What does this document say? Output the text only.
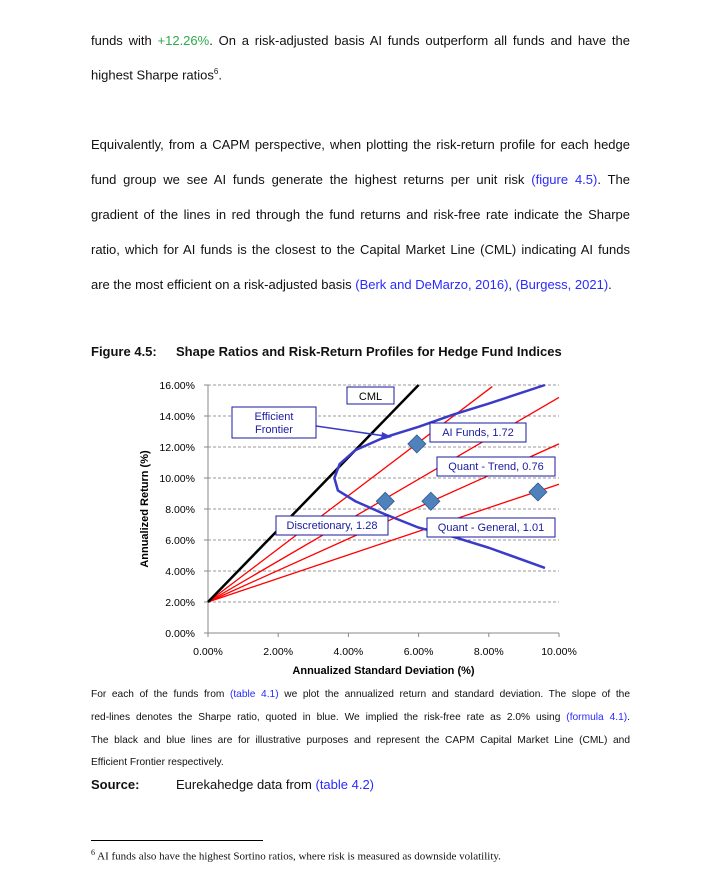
funds with +12.26%. On a risk-adjusted basis AI funds outperform all funds and have the
highest Sharpe ratios$^6$.
Equivalently, from a CAPM perspective, when plotting the risk-return profile for each hedge
fund group we see AI funds generate the highest returns per unit risk (figure 4.5). The
gradient of the lines in red through the fund returns and risk-free rate indicate the Sharpe
ratio, which for AI funds is the closest to the Capital Market Line (CML) indicating AI funds
are the most efficient on a risk-adjusted basis (Berk and DeMarzo, 2016), (Burgess, 2021).
Figure 4.5: Shape Ratios and Risk-Return Profiles for Hedge Fund Indices
0.00%
2.00%
4.00%
6.00%
8.00%
10.00%
12.00%
14.00%
16.00%
0.00%	2.00%	4.00%	6.00%	8.00%	10.00%
Annualized Standard Deviation (%)
Annualized Return (%)
CML
Efficient
Frontier	AI Funds, 1.72
Discretionary, 1.28	Quant - General, 1.01
Quant - Trend, 0.76
For each of the funds from (table 4.1) we plot the annualized return and standard deviation. The slope of the
red-lines denotes the Sharpe ratio, quoted in blue. We implied the risk-free rate as 2.0% using (formula 4.1).
The black and blue lines are for illustrative purposes and represent the CAPM Capital Market Line (CML) and
Efficient Frontier respectively.
Source:	Eurekahedge data from (table 4.2)
$^6$ AI funds also have the highest Sortino ratios, where risk is measured as downside volatility.
